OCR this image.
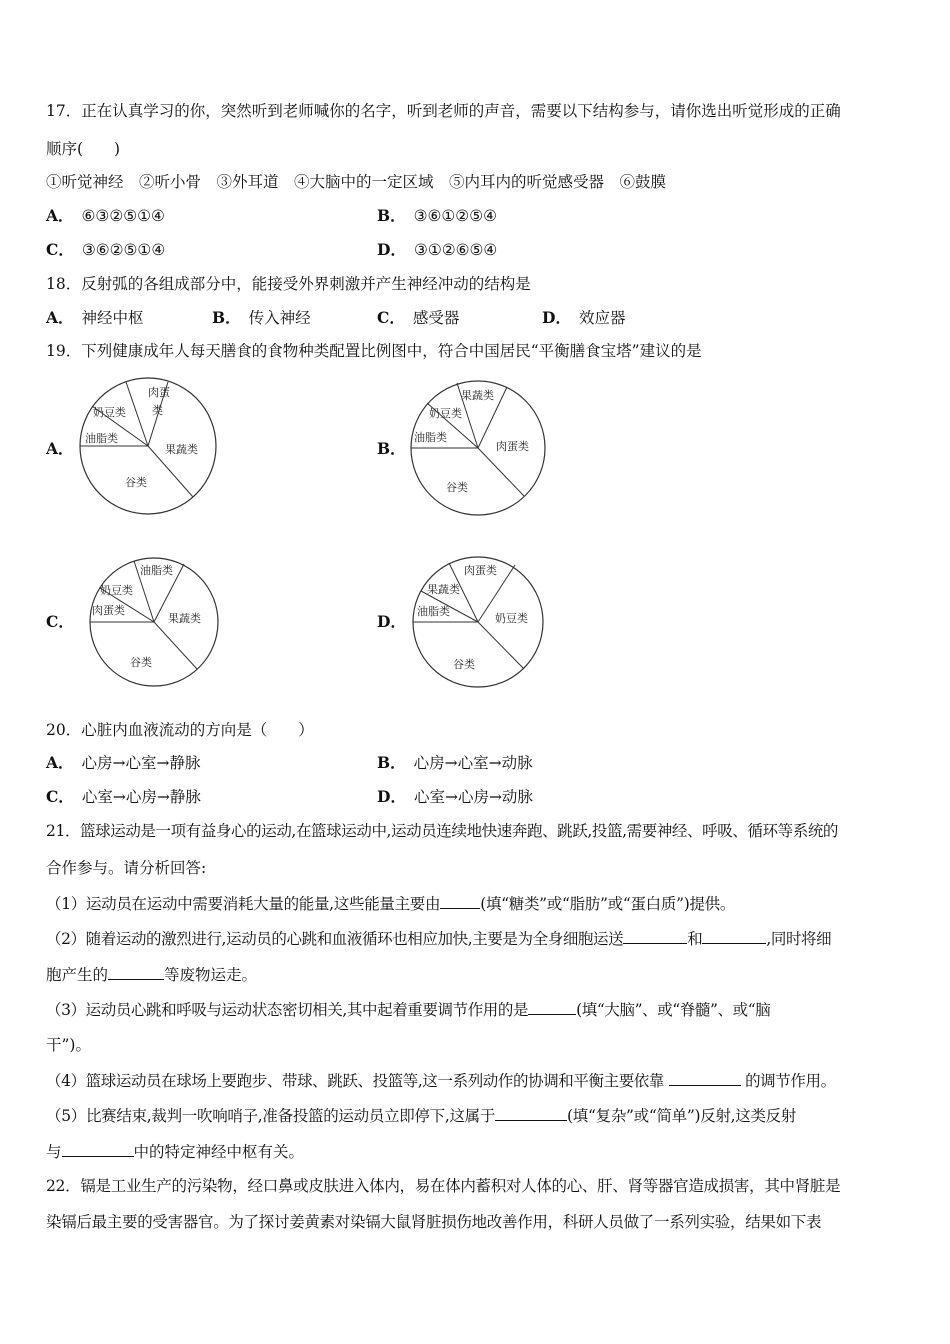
17．正在认真学习的你，突然听到老师喊你的名字，听到老师的声音，需要以下结构参与，请你选出听觉形成的正确
顺序(　　)
①听觉神经　②听小骨　③外耳道　④大脑中的一定区域　⑤内耳内的听觉感受器　⑥鼓膜
A． ⑥③②⑤①④	B． ③⑥①②⑤④
C． ③⑥②⑤①④	D． ③①②⑥⑤④
18．反射弧的各组成部分中，能接受外界刺激并产生神经冲动的结构是
A． 神经中枢	B． 传入神经	C． 感受器	D． 效应器
19．下列健康成年人每天膳食的食物种类配置比例图中，符合中国居民“平衡膳食宝塔”建议的是
A．
肉蛋
类
奶豆类
油脂类
果蔬类
谷类
B．
果蔬类
奶豆类
油脂类
肉蛋类
谷类
C．
油脂类
奶豆类
肉蛋类
果蔬类
谷类
D．
肉蛋类
果蔬类
油脂类
奶豆类
谷类
20．心脏内血液流动的方向是（　　）
A． 心房→心室→静脉	B． 心房→心室→动脉
C． 心室→心房→静脉	D． 心室→心房→动脉
21．篮球运动是一项有益身心的运动,在篮球运动中,运动员连续地快速奔跑、跳跃,投篮,需要神经、呼吸、循环等系统的
合作参与。请分析回答:
（1）运动员在运动中需要消耗大量的能量,这些能量主要由	(填“糖类”或“脂肪”或“蛋白质”)提供。
（2）随着运动的激烈进行,运动员的心跳和血液循环也相应加快,主要是为全身细胞运送	和	,同时将细
胞产生的	等废物运走。
（3）运动员心跳和呼吸与运动状态密切相关,其中起着重要调节作用的是	(填“大脑”、或“脊髓”、或“脑
干”)。
（4）篮球运动员在球场上要跑步、带球、跳跃、投篮等,这一系列动作的协调和平衡主要依靠	的调节作用。
（5）比赛结束,裁判一吹响哨子,准备投篮的运动员立即停下,这属于	(填“复杂”或“简单”)反射,这类反射
与	中的特定神经中枢有关。
22．镉是工业生产的污染物，经口鼻或皮肤进入体内，易在体内蓄积对人体的心、肝、肾等器官造成损害，其中肾脏是
染镉后最主要的受害器官。为了探讨姜黄素对染镉大鼠肾脏损伤地改善作用，科研人员做了一系列实验，结果如下表
